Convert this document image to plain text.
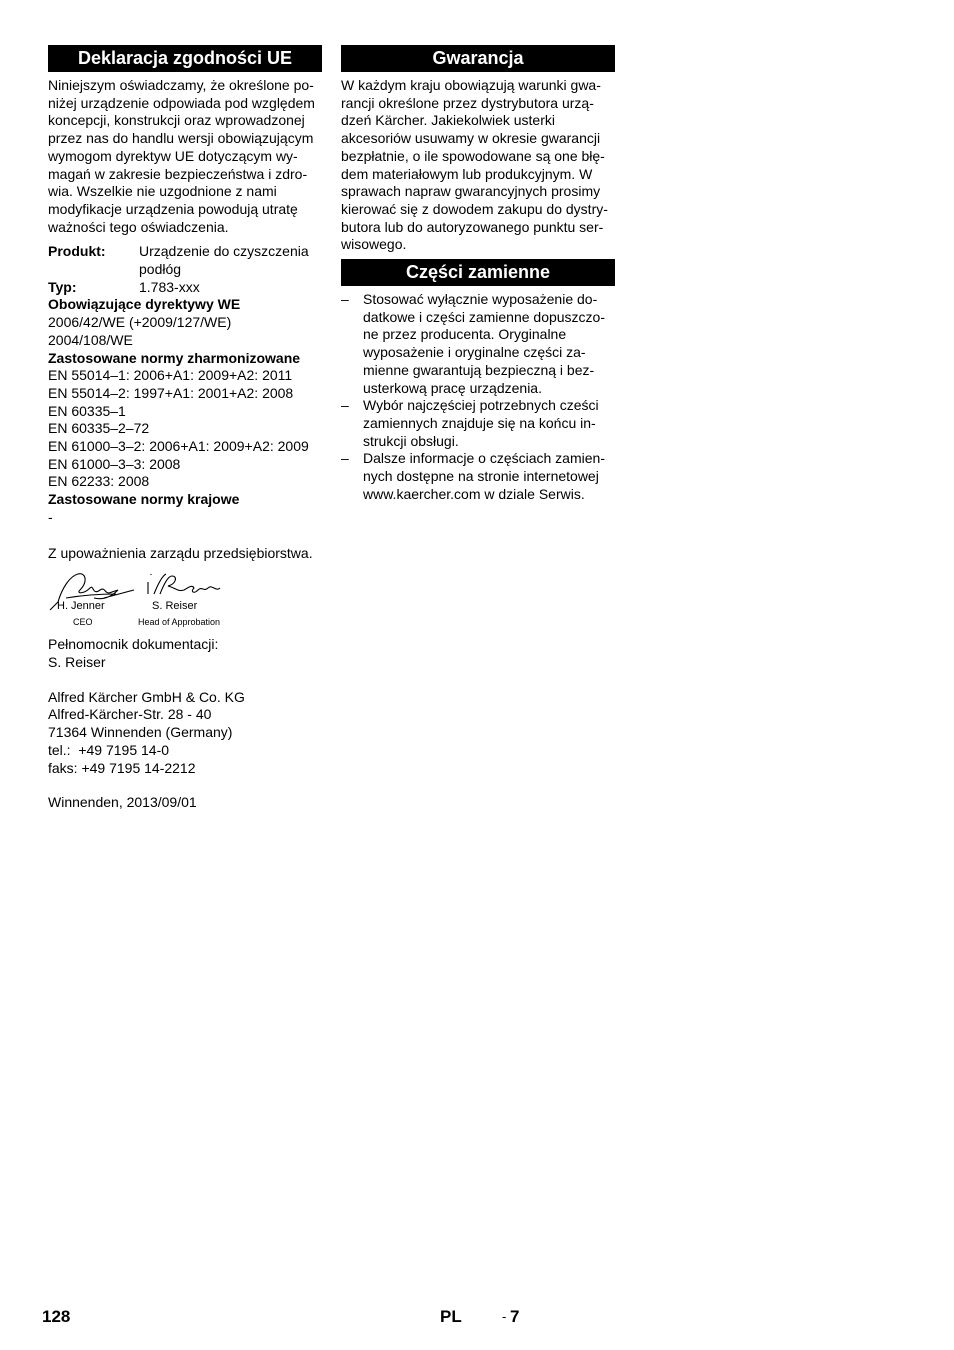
Deklaracja zgodności UE

Niniejszym oświadczamy, że określone po-
niżej urządzenie odpowiada pod względem
koncepcji, konstrukcji oraz wprowadzonej
przez nas do handlu wersji obowiązującym
wymogom dyrektyw UE dotyczącym wy-
magań w zakresie bezpieczeństwa i zdro-
wia. Wszelkie nie uzgodnione z nami
modyfikacje urządzenia powodują utratę
ważności tego oświadczenia.

Produkt:	Urządzenie do czyszczenia
podłóg
Typ:	1.783-xxx
Obowiązujące dyrektywy WE
2006/42/WE (+2009/127/WE)
2004/108/WE
Zastosowane normy zharmonizowane
EN 55014–1: 2006+A1: 2009+A2: 2011
EN 55014–2: 1997+A1: 2001+A2: 2008
EN 60335–1
EN 60335–2–72
EN 61000–3–2: 2006+A1: 2009+A2: 2009
EN 61000–3–3: 2008
EN 62233: 2008
Zastosowane normy krajowe
-
Z upoważnienia zarządu przedsiębiorstwa.
H. Jenner
CEO
S. Reiser
Head of Approbation
Pełnomocnik dokumentacji:
S. Reiser
Alfred Kärcher GmbH & Co. KG
Alfred-Kärcher-Str. 28 - 40
71364 Winnenden (Germany)
tel.:  +49 7195 14-0
faks: +49 7195 14-2212
Winnenden, 2013/09/01
Gwarancja

W każdym kraju obowiązują warunki gwa-
rancji określone przez dystrybutora urzą-
dzeń Kärcher. Jakiekolwiek usterki
akcesoriów usuwamy w okresie gwarancji
bezpłatnie, o ile spowodowane są one błę-
dem materiałowym lub produkcyjnym. W
sprawach napraw gwarancyjnych prosimy
kierować się z dowodem zakupu do dystry-
butora lub do autoryzowanego punktu ser-
wisowego.

Części zamienne
– Stosować wyłącznie wyposażenie do-
datkowe i części zamienne dopuszczo-
ne przez producenta. Oryginalne
wyposażenie i oryginalne części za-
mienne gwarantują bezpieczną i bez-
usterkową pracę urządzenia.
– Wybór najczęściej potrzebnych cześci
zamiennych znajduje się na końcu in-
strukcji obsługi.
– Dalsze informacje o częściach zamien-
nych dostępne na stronie internetowej
www.kaercher.com w dziale Serwis.
128	PL	- 7
